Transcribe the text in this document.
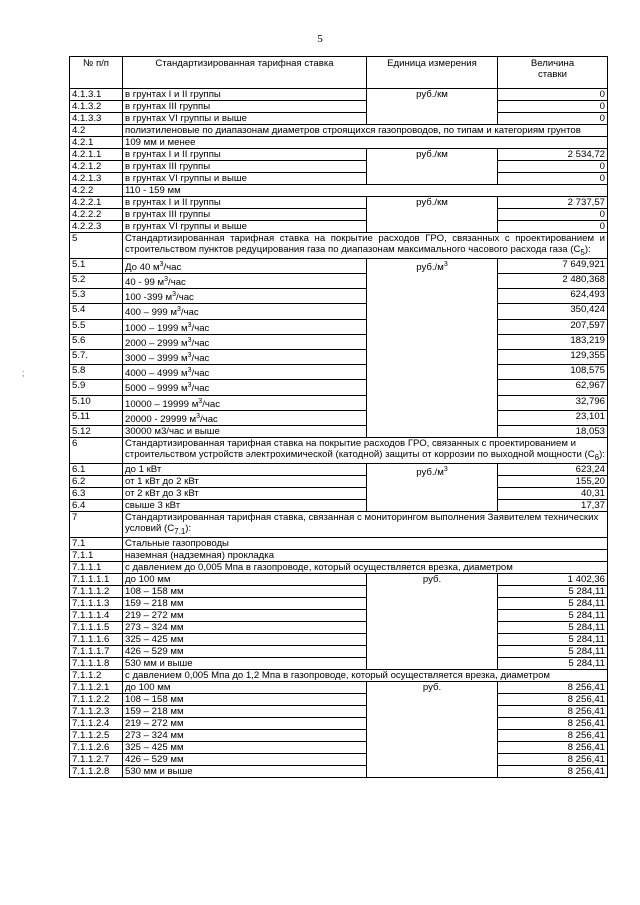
5
;
№ п/п	Стандартизированная тарифная ставка	Единица измерения	Величина ставки
4.1.3.1	в грунтах I и II группы	руб./км	0
4.1.3.2	в грунтах III группы		0
4.1.3.3	в грунтах VI группы и выше		0
4.2	полиэтиленовые по диапазонам диаметров строящихся газопроводов, по типам и категориям грунтов		
4.2.1	109 мм и менее		
4.2.1.1	в грунтах I и II группы	руб./км	2 534,72
4.2.1.2	в грунтах III группы		0
4.2.1.3	в грунтах VI группы и выше		0
4.2.2	110 - 159 мм		
4.2.2.1	в грунтах I и II группы	руб./км	2 737,57
4.2.2.2	в грунтах III группы		0
4.2.2.3	в грунтах VI группы и выше		0
5	Стандартизированная тарифная ставка на покрытие расходов ГРО, связанных с проектированием и строительством пунктов редуцирования газа по диапазонам максимального часового расхода газа $(C_5)$:		
5.1	До 40 $м^3$/час	$руб./м^3$	7 649,921
5.2	40 - 99 $м^3$/час		2 480,368
5.3	100 -399 $м^3$/час		624,493
5.4	400 – 999 $м^3$/час		350,424
5.5	1000 – 1999 $м^3$/час		207,597
5.6	2000 – 2999 $м^3$/час		183,219
5.7.	3000 – 3999 $м^3$/час		129,355
5.8	4000 – 4999 $м^3$/час		108,575
5.9	5000 – 9999 $м^3$/час		62,967
5.10	10000 – 19999 $м^3$/час		32,796
5.11	20000 - 29999 $м^3$/час		23,101
5.12	30000 м3/час и выше		18,053
6	Стандартизированная тарифная ставка на покрытие расходов ГРО, связанных с проектированием и строительством устройств электрохимической (катодной) защиты от коррозии по выходной мощности $(C_6)$:		
6.1	до 1 кВт	$руб./м^3$	623,24
6.2	от 1 кВт до 2 кВт		155,20
6.3	от 2 кВт до 3 кВт		40,31
6.4	свыше 3 кВт		17,37
7	Стандартизированная тарифная ставка, связанная с мониторингом выполнения Заявителем технических условий $(C_{7.1})$:		
7.1	Стальные газопроводы		
7.1.1	наземная (надземная) прокладка		
7.1.1.1	с давлением до 0,005 Мпа в газопроводе, который осуществляется врезка, диаметром		
7.1.1.1.1	до 100 мм	руб.	1 402,36
7.1.1.1.2	108 – 158 мм		5 284,11
7.1.1.1.3	159 – 218 мм		5 284,11
7.1.1.1.4	219 – 272 мм		5 284,11
7.1.1.1.5	273 – 324 мм		5 284,11
7.1.1.1.6	325 – 425 мм		5 284,11
7.1.1.1.7	426 – 529 мм		5 284,11
7.1.1.1.8	530 мм и выше		5 284,11
7.1.1.2	с давлением 0,005 Мпа до 1,2 Мпа в газопроводе, который осуществляется врезка, диаметром		
7.1.1.2.1	до 100 мм	руб.	8 256,41
7.1.1.2.2	108 – 158 мм		8 256,41
7.1.1.2.3	159 – 218 мм		8 256,41
7.1.1.2.4	219 – 272 мм		8 256,41
7.1.1.2.5	273 – 324 мм		8 256,41
7.1.1.2.6	325 – 425 мм		8 256,41
7.1.1.2.7	426 – 529 мм		8 256,41
7.1.1.2.8	530 мм и выше		8 256,41
